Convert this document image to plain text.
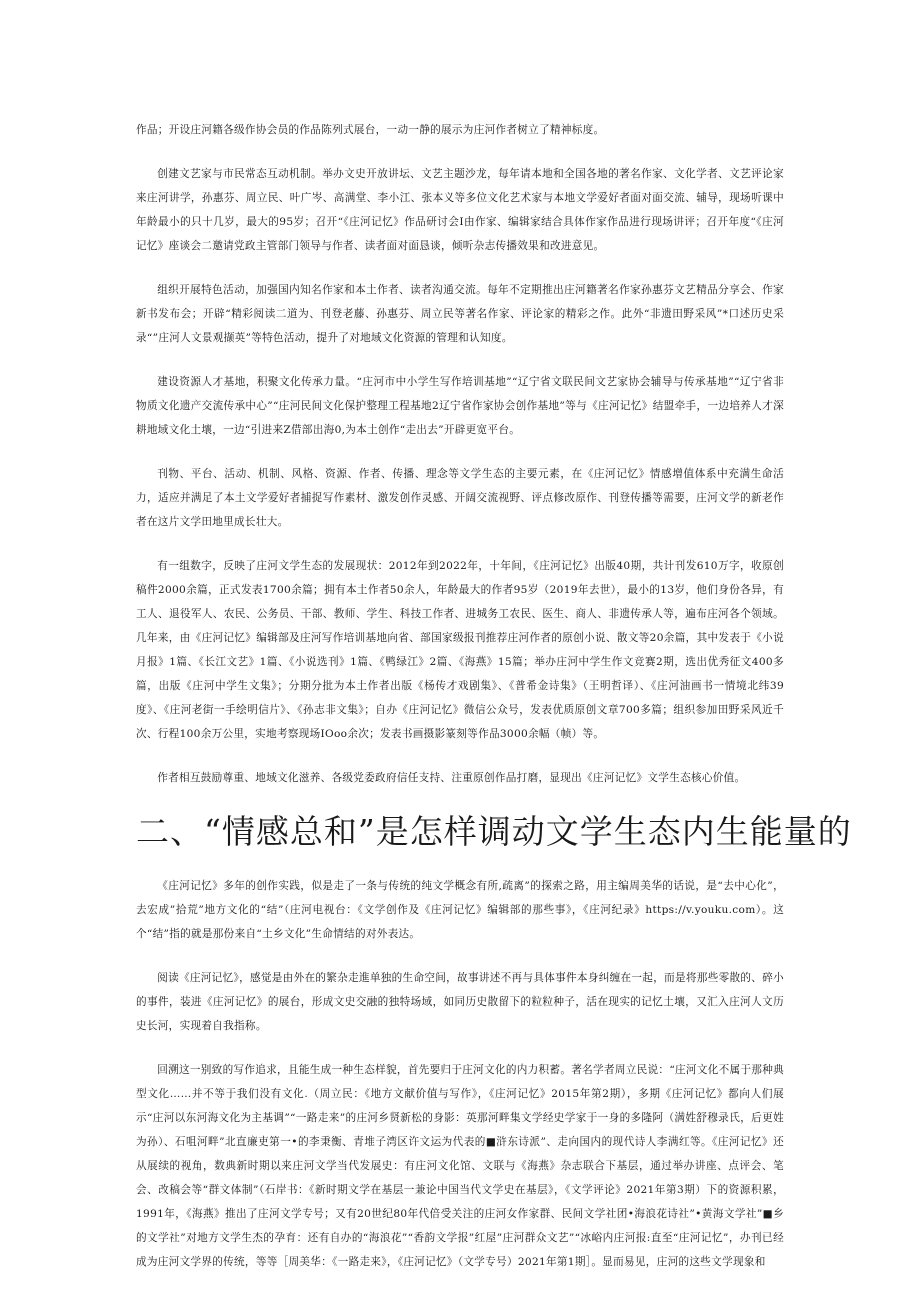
作品；开设庄河籍各级作协会员的作品陈列式展台，一动一静的展示为庄河作者树立了精神标度。

创建文艺家与市民常态互动机制。举办文史开放讲坛、文艺主题沙龙，每年请本地和全国各地的著名作家、文化学者、文艺评论家来庄河讲学，孙惠芬、周立民、叶广岑、高满堂、李小江、张本义等多位文化艺术家与本地文学爱好者面对面交流、辅导，现场听课中年龄最小的只十几岁，最大的95岁；召开“《庄河记忆》作品研讨会I由作家、编辑家结合具体作家作品进行现场讲评；召开年度“《庄河记忆》座谈会二邀请党政主管部门领导与作者、读者面对面恳谈，倾听杂志传播效果和改进意见。

组织开展特色活动，加强国内知名作家和本土作者、读者沟通交流。每年不定期推出庄河籍著名作家孙惠芬文艺精品分享会、作家新书发布会；开辟“精彩阅读二道为、刊登老藤、孙惠芬、周立民等著名作家、评论家的精彩之作。此外“非遗田野采风”*口述历史采录“”庄河人文景观撷英”等特色活动，提升了对地域文化资源的管理和认知度。

建设资源人才基地，积聚文化传承力量。“庄河市中小学生写作培训基地”“辽宁省文联民间文艺家协会辅导与传承基地”“辽宁省非物质文化遗产交流传承中心”“庄河民间文化保护整理工程基地2辽宁省作家协会创作基地”等与《庄河记忆》结盟牵手，一边培养人才深耕地域文化土壤，一边“引进来Z借部出海0,为本土创作“走出去”开辟更宽平台。

刊物、平台、活动、机制、风格、资源、作者、传播、理念等文学生态的主要元素，在《庄河记忆》情感增值体系中充满生命活力，适应并满足了本土文学爱好者捕捉写作素材、激发创作灵感、开阔交流视野、评点修改原作、刊登传播等需要，庄河文学的新老作者在这片文学田地里成长壮大。

有一组数字，反映了庄河文学生态的发展现状：2012年到2022年，十年间，《庄河记忆》出版40期，共计刊发610万字，收原创稿件2000余篇，正式发表1700余篇；拥有本土作者50余人，年龄最大的作者95岁（2019年去世），最小的13岁，他们身份各异，有工人、退役军人、农民、公务员、干部、教师、学生、科技工作者、进城务工农民、医生、商人、非遗传承人等，遍布庄河各个领域。几年来，由《庄河记忆》编辑部及庄河写作培训基地向省、部国家级报刊推荐庄河作者的原创小说、散文等20余篇，其中发表于《小说月报》1篇、《长江文艺》1篇、《小说选刊》1篇、《鸭绿江》2篇、《海燕》15篇；举办庄河中学生作文竞赛2期，选出优秀征文400多篇，出版《庄河中学生文集》；分期分批为本土作者出版《杨传才戏剧集》、《普希金诗集》（王明哲译）、《庄河油画书一情境北纬39度》、《庄河老街一手绘明信片》、《孙志非文集》；自办《庄河记忆》微信公众号，发表优质原创文章700多篇；组织参加田野采风近千次、行程100余万公里，实地考察现场IOoo余次；发表书画摄影篆刻等作品3000余幅（帧）等。

作者相互鼓励尊重、地域文化滋养、各级党委政府信任支持、注重原创作品打磨，显现出《庄河记忆》文学生态核心价值。

二、“情感总和”是怎样调动文学生态内生能量的

《庄河记忆》多年的创作实践，似是走了一条与传统的纯文学概念有所,疏离”的探索之路，用主编周美华的话说，是“去中心化”，去宏成”拾荒”地方文化的“结”（庄河电视台：《文学创作及《庄河记忆》编辑部的那些事》，《庄河纪录》https://v.youku.com）。这个“结”指的就是那份来自“土乡文化”生命情结的对外表达。

阅读《庄河记忆》，感觉是由外在的繁杂走進单独的生命空间，故事讲述不再与具体事件本身纠缠在一起，而是将那些零散的、碎小的事件，装进《庄河记忆》的展台，形成文史交融的独特场域，如同历史散留下的粒粒种子，活在现实的记忆土壤，又汇入庄河人文历史长河，实现着自我指称。

回溯这一别致的写作追求，且能生成一种生态样貌，首先要归于庄河文化的内力积蓄。著名学者周立民说：“庄河文化不属于那种典型文化……并不等于我们没有文化.（周立民：《地方文献价值与写作》，《庄河记忆》2015年第2期），多期《庄河记忆》都向人们展示“庄河以东河海文化为主基调”“一路走来”的庄河乡贤新松的身影：英那河畔集文学经史学家于一身的多隆阿（满姓舒穆录氏，后更姓为孙）、石咀河畔”北直廉吏第一•的李秉衡、青堆子湾区许文运为代表的■浒东诗派”、走向国内的现代诗人李满红等。《庄河记忆》还从展续的视角，数典新时期以来庄河文学当代发展史：有庄河文化馆、文联与《海燕》杂志联合下基层，通过举办讲座、点评会、笔会、改稿会等“群文体制”（石岸书：《新时期文学在基层一兼论中国当代文学史在基层》，《文学评论》2021年第3期）下的资源积累，1991年，《海燕》推出了庄河文学专号；又有20世纪80年代倍受关注的庄河女作家群、民间文学社团•海浪花诗社”•黄海文学社”■乡的文学社”对地方文学生杰的孕育：还有自办的“海浪花”“香韵文学报”红屋”庄河群众文艺”“冰峪内庄河报:直至“庄河记忆”，办刊已经成为庄河文学界的传统，等等［周美华：《一路走来》，《庄河记忆》（文学专号）2021年第1期］。显而易见，庄河的这些文学现象和
